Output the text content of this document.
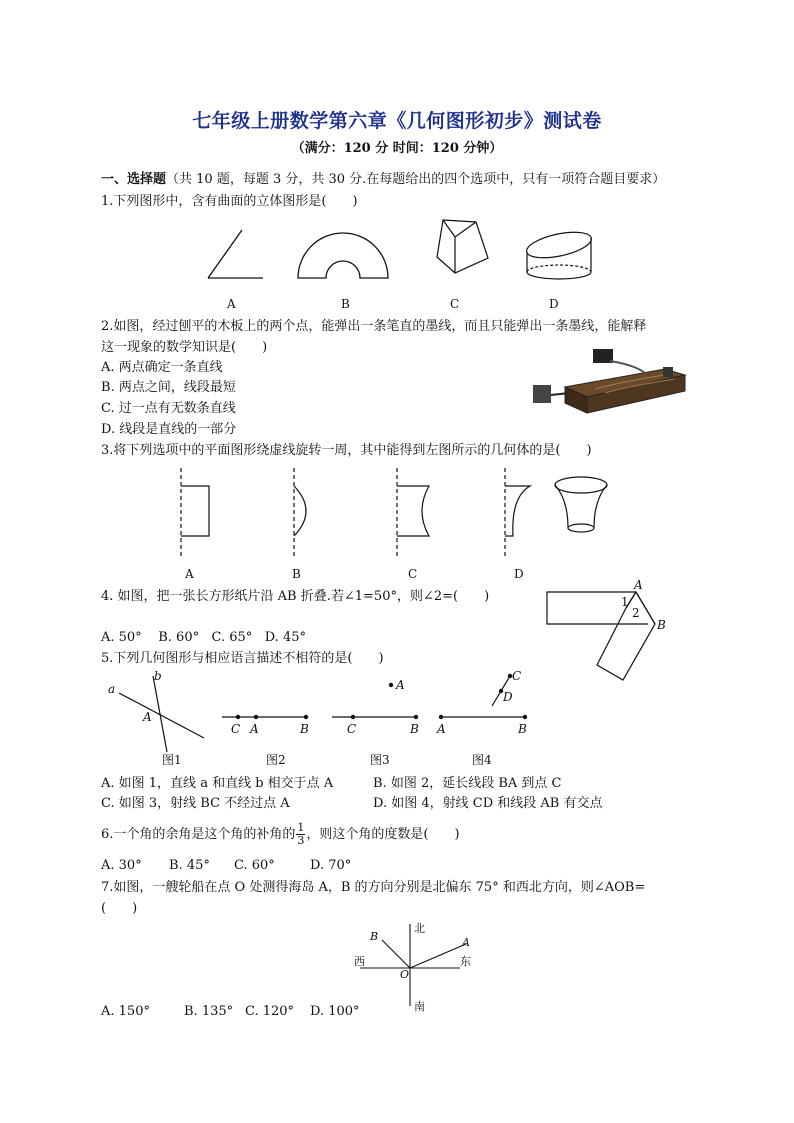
七年级上册数学第六章《几何图形初步》测试卷
（满分：120 分 时间：120 分钟）
一、选择题（共 10 题，每题 3 分，共 30 分.在每题给出的四个选项中，只有一项符合题目要求）
1.下列图形中，含有曲面的立体图形是(　　)
A	B	C	D
2.如图，经过刨平的木板上的两个点，能弹出一条笔直的墨线，而且只能弹出一条墨线，能解释
这一现象的数学知识是(　　)
A. 两点确定一条直线
B. 两点之间，线段最短
C. 过一点有无数条直线
D. 线段是直线的一部分
3.将下列选项中的平面图形绕虚线旋转一周，其中能得到左图所示的几何体的是(　　)
A	B	C	D
4. 如图，把一张长方形纸片沿 AB 折叠.若∠1=50°，则∠2=(　　)
A. 50° B. 60° C. 65° D. 45°
A
B
1
2
5.下列几何图形与相应语言描述不相符的是(　　)
a
b
A
C A	B
A
C	B
C
D
A	B
图1	图2	图3	图4
A. 如图 1，直线 a 和直线 b 相交于点 A	B. 如图 2，延长线段 BA 到点 C
C. 如图 3，射线 BC 不经过点 A	D. 如图 4，射线 CD 和线段 AB 有交点
6.一个角的余角是这个角的补角的 $\frac{1}{3}$ ，则这个角的度数是(　　)
A. 30° B. 45° C. 60°	D. 70°
7.如图，一艘轮船在点 O 处测得海岛 A，B 的方向分别是北偏东 75° 和西北方向，则∠AOB=
(　　)
北
南
西	东
A
B
O
A. 150°	B. 135° C. 120° D. 100°
